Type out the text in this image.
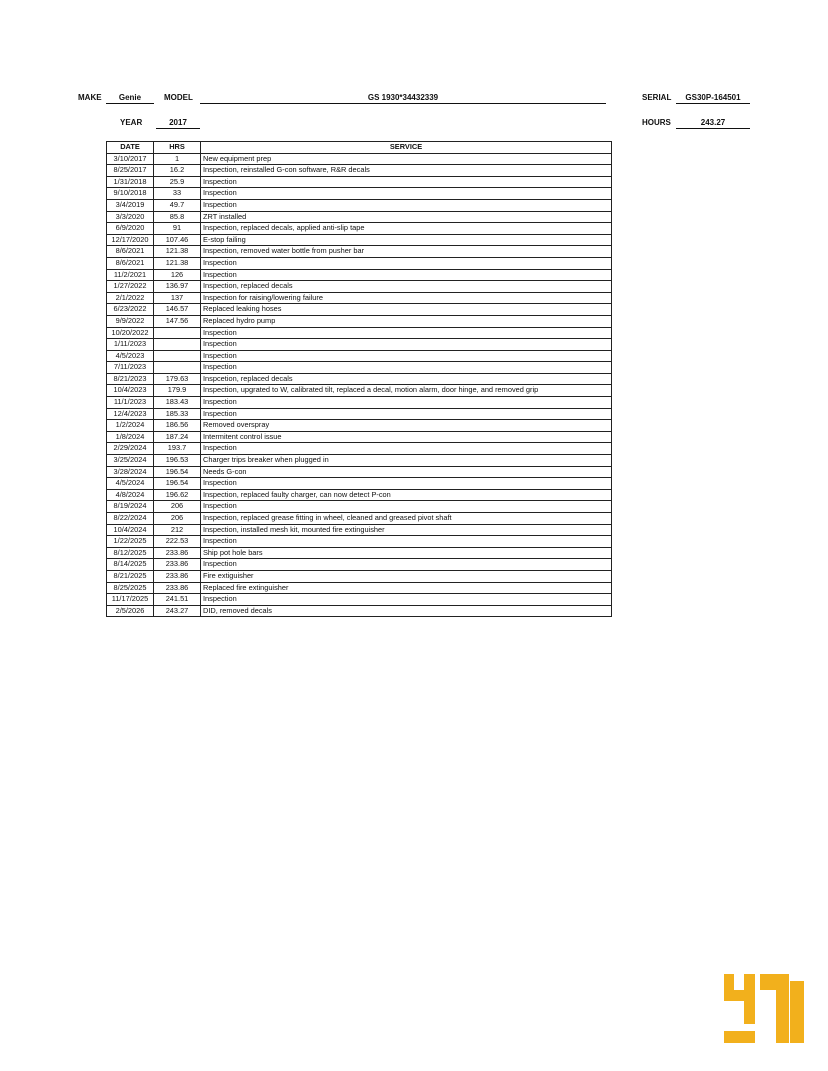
MAKE	Genie	MODEL	GS 1930*34432339	SERIAL	GS30P-164501
YEAR	2017	HOURS	243.27
DATE	HRS	SERVICE
3/10/2017	1	New equipment prep
8/25/2017	16.2	Inspection, reinstalled G-con software, R&R decals
1/31/2018	25.9	Inspection
9/10/2018	33	Inspection
3/4/2019	49.7	Inspection
3/3/2020	85.8	ZRT installed
6/9/2020	91	Inspection, replaced decals, applied anti-slip tape
12/17/2020	107.46	E-stop failing
8/6/2021	121.38	Inspection, removed water bottle from pusher bar
8/6/2021	121.38	Inspection
11/2/2021	126	Inspection
1/27/2022	136.97	Inspection, replaced decals
2/1/2022	137	Inspection for raising/lowering failure
6/23/2022	146.57	Replaced leaking hoses
9/9/2022	147.56	Replaced hydro pump
10/20/2022		Inspection
1/11/2023		Inspection
4/5/2023		Inspection
7/11/2023		Inspection
8/21/2023	179.63	Inspcetion, replaced decals
10/4/2023	179.9	Inspection, upgrated to W, calibrated tilt, replaced a decal, motion alarm, door hinge, and removed grip
11/1/2023	183.43	Inspection
12/4/2023	185.33	Inspection
1/2/2024	186.56	Removed overspray
1/8/2024	187.24	Intermitent control issue
2/29/2024	193.7	Inspection
3/25/2024	196.53	Charger trips breaker when plugged in
3/28/2024	196.54	Needs G-con
4/5/2024	196.54	Inspection
4/8/2024	196.62	Inspection, replaced faulty charger, can now detect P-con
8/19/2024	206	Inspection
8/22/2024	206	Inspection, replaced grease fitting in wheel, cleaned and greased pivot shaft
10/4/2024	212	Inspection, installed mesh kit, mounted fire extinguisher
1/22/2025	222.53	Inspection
8/12/2025	233.86	Ship pot hole bars
8/14/2025	233.86	Inspection
8/21/2025	233.86	Fire extiguisher
8/25/2025	233.86	Replaced fire extinguisher
11/17/2025	241.51	Inspection
2/5/2026	243.27	DID, removed decals
